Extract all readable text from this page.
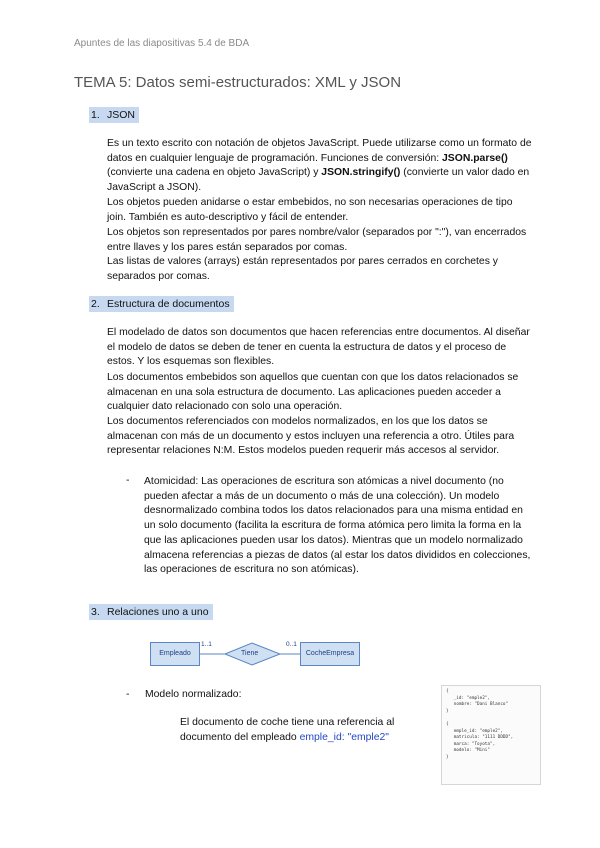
Apuntes de las diapositivas 5.4 de BDA
TEMA 5: Datos semi-estructurados: XML y JSON
1. JSON

Es un texto escrito con notación de objetos JavaScript. Puede utilizarse como un formato de datos en cualquier lenguaje de programación. Funciones de conversión: JSON.parse() (convierte una cadena en objeto JavaScript) y JSON.stringify() (convierte un valor dado en JavaScript a JSON).

Los objetos pueden anidarse o estar embebidos, no son necesarias operaciones de tipo join. También es auto-descriptivo y fácil de entender.

Los objetos son representados por pares nombre/valor (separados por ":"), van encerrados entre llaves y los pares están separados por comas.

Las listas de valores (arrays) están representados por pares cerrados en corchetes y separados por comas.

2. Estructura de documentos

El modelado de datos son documentos que hacen referencias entre documentos. Al diseñar el modelo de datos se deben de tener en cuenta la estructura de datos y el proceso de estos. Y los esquemas son flexibles.

Los documentos embebidos son aquellos que cuentan con que los datos relacionados se almacenan en una sola estructura de documento. Las aplicaciones pueden acceder a cualquier dato relacionado con solo una operación.

Los documentos referenciados con modelos normalizados, en los que los datos se almacenan con más de un documento y estos incluyen una referencia a otro. Útiles para representar relaciones N:M. Estos modelos pueden requerir más accesos al servidor.

- Atomicidad: Las operaciones de escritura son atómicas a nivel documento (no pueden afectar a más de un documento o más de una colección). Un modelo desnormalizado combina todos los datos relacionados para una misma entidad en un solo documento (facilita la escritura de forma atómica pero limita la forma en la que las aplicaciones pueden usar los datos). Mientras que un modelo normalizado almacena referencias a piezas de datos (al estar los datos divididos en colecciones, las operaciones de escritura no son atómicas).

3. Relaciones uno a uno
Empleado
1..1
Tiene
0..1
CocheEmpresa
- Modelo normalizado:

El documento de coche tiene una referencia al documento del empleado emple_id: "emple2"

{
_id: "emple2",
nombre: "Dani Blanco"
}

{
emple_id: "emple2",
matricula: "1111 DDDD",
marca: "Toyota",
modelo: "Mini"
}
